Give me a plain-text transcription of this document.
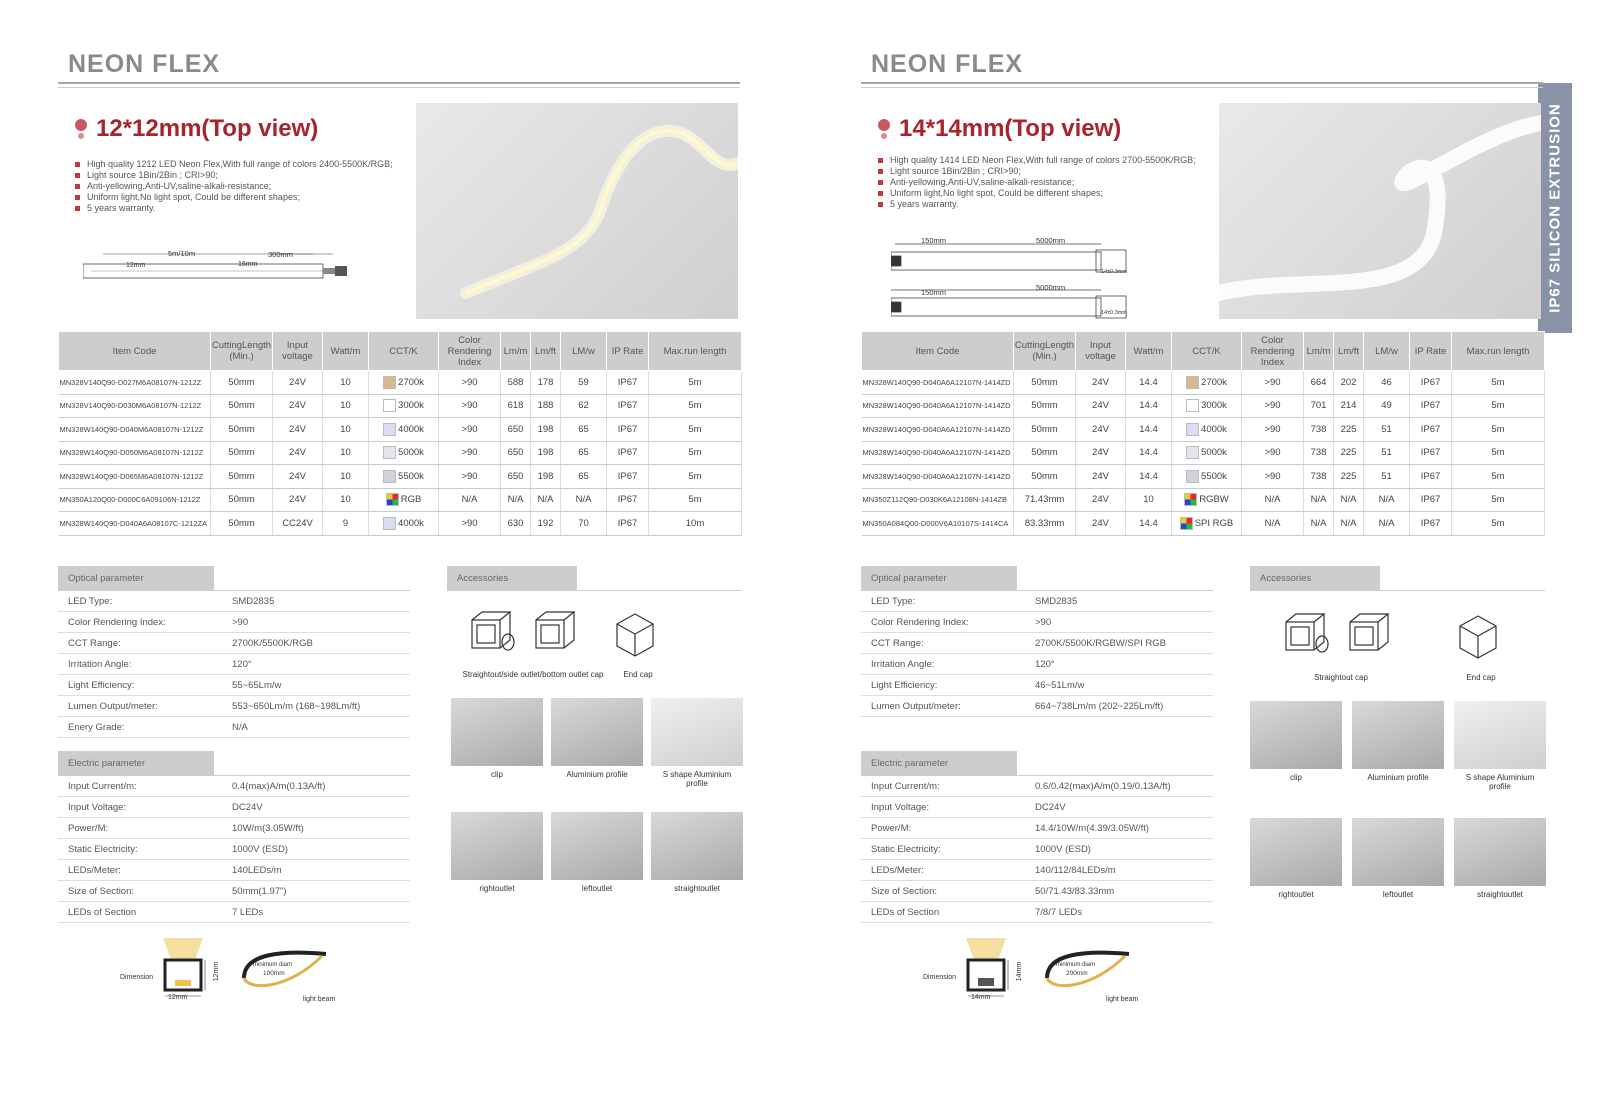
IP67 SILICON EXTRUSION
NEON FLEX
12*12mm(Top view)
High quality 1212 LED Neon Flex,With full range of colors 2400-5500K/RGB;
Light source 1Bin/2Bin ; CRI>90;
Anti-yellowing,Anti-UV,saline-alkali-resistance;
Uniform light,No light spot, Could be different shapes;
5 years warranty.
5m/10m
12mm	16mm
300mm
Item Code	CuttingLength (Min.)	Input voltage	Watt/m	CCT/K	Color Rendering Index	Lm/m	Lm/ft	LM/w	IP Rate	Max.run length
MN328V140Q90-D027M6A08107N-1212Z	50mm	24V	10	2700k	>90	588	178	59	IP67	5m
MN328V140Q90-D030M6A08107N-1212Z	50mm	24V	10	3000k	>90	618	188	62	IP67	5m
MN328W140Q90-D040M6A08107N-1212Z	50mm	24V	10	4000k	>90	650	198	65	IP67	5m
MN328W140Q90-D050M6A08107N-1212Z	50mm	24V	10	5000k	>90	650	198	65	IP67	5m
MN328W140Q90-D065M6A08107N-1212Z	50mm	24V	10	5500k	>90	650	198	65	IP67	5m
MN350A120Q00-D000C6A09106N-1212Z	50mm	24V	10	RGB	N/A	N/A	N/A	N/A	IP67	5m
MN328W140Q90-D040A6A08107C-1212ZA	50mm	CC24V	9	4000k	>90	630	192	70	IP67	10m
Optical parameter
LED Type:	SMD2835
Color Rendering Index:	>90
CCT Range:	2700K/5500K/RGB
Irritation Angle:	120°
Light Efficiency:	55~65Lm/w
Lumen Output/meter:	553~650Lm/m (168~198Lm/ft)
Enery Grade:	N/A
Electric parameter
Input Current/m:	0.4(max)A/m(0.13A/ft)
Input Voltage:	DC24V
Power/M:	10W/m(3.05W/ft)
Static Electricity:	1000V (ESD)
LEDs/Meter:	140LEDs/m
Size of Section:	50mm(1.97")
LEDs of Section	7 LEDs
Accessories
Straightout/side outlet/bottom outlet cap	End cap
clip	Aluminium profile	S shape Aluminium profile
rightoutlet	leftoutlet	straightoutlet
Dimension
12mm
12mm	minimum diam
100mm
light beam
NEON FLEX
14*14mm(Top view)
High quality 1414 LED Neon Flex,With full range of colors 2700-5500K/RGB;
Light source 1Bin/2Bin ; CRI>90;
Anti-yellowing,Anti-UV,saline-alkali-resistance;
Uniform light,No light spot, Could be different shapes;
5 years warranty.
150mm	5000mm
150mm
5000mm
14±0.3mm
14±0.3mm
Item Code	CuttingLength (Min.)	Input voltage	Watt/m	CCT/K	Color Rendering Index	Lm/m	Lm/ft	LM/w	IP Rate	Max.run length
MN328W140Q90-D040A6A12107N-1414ZD	50mm	24V	14.4	2700k	>90	664	202	46	IP67	5m
MN328W140Q90-D040A6A12107N-1414ZD	50mm	24V	14.4	3000k	>90	701	214	49	IP67	5m
MN328W140Q90-D040A6A12107N-1414ZD	50mm	24V	14.4	4000k	>90	738	225	51	IP67	5m
MN328W140Q90-D040A6A12107N-1414ZD	50mm	24V	14.4	5000k	>90	738	225	51	IP67	5m
MN328W140Q90-D040A6A12107N-1414ZD	50mm	24V	14.4	5500k	>90	738	225	51	IP67	5m
MN350Z112Q90-D030K6A12108N-1414ZB	71.43mm	24V	10	RGBW	N/A	N/A	N/A	N/A	IP67	5m
MN350A084Q00-D000V6A10107S-1414CA	83.33mm	24V	14.4	SPI RGB	N/A	N/A	N/A	N/A	IP67	5m
Optical parameter
LED Type:	SMD2835
Color Rendering Index:	>90
CCT Range:	2700K/5500K/RGBW/SPI RGB
Irritation Angle:	120°
Light Efficiency:	46~51Lm/w
Lumen Output/meter:	664~738Lm/m (202~225Lm/ft)
Electric parameter
Input Current/m:	0.6/0.42(max)A/m(0.19/0.13A/ft)
Input Voltage:	DC24V
Power/M:	14.4/10W/m(4.39/3.05W/ft)
Static Electricity:	1000V (ESD)
LEDs/Meter:	140/112/84LEDs/m
Size of Section:	50/71.43/83.33mm
LEDs of Section	7/8/7 LEDs
Accessories
Straightout cap	End cap
clip	Aluminium profile	S shape Aluminium profile
rightoutlet	leftoutlet	straightoutlet
Dimension
14mm
14mm	minimum diam
200mm
light beam
